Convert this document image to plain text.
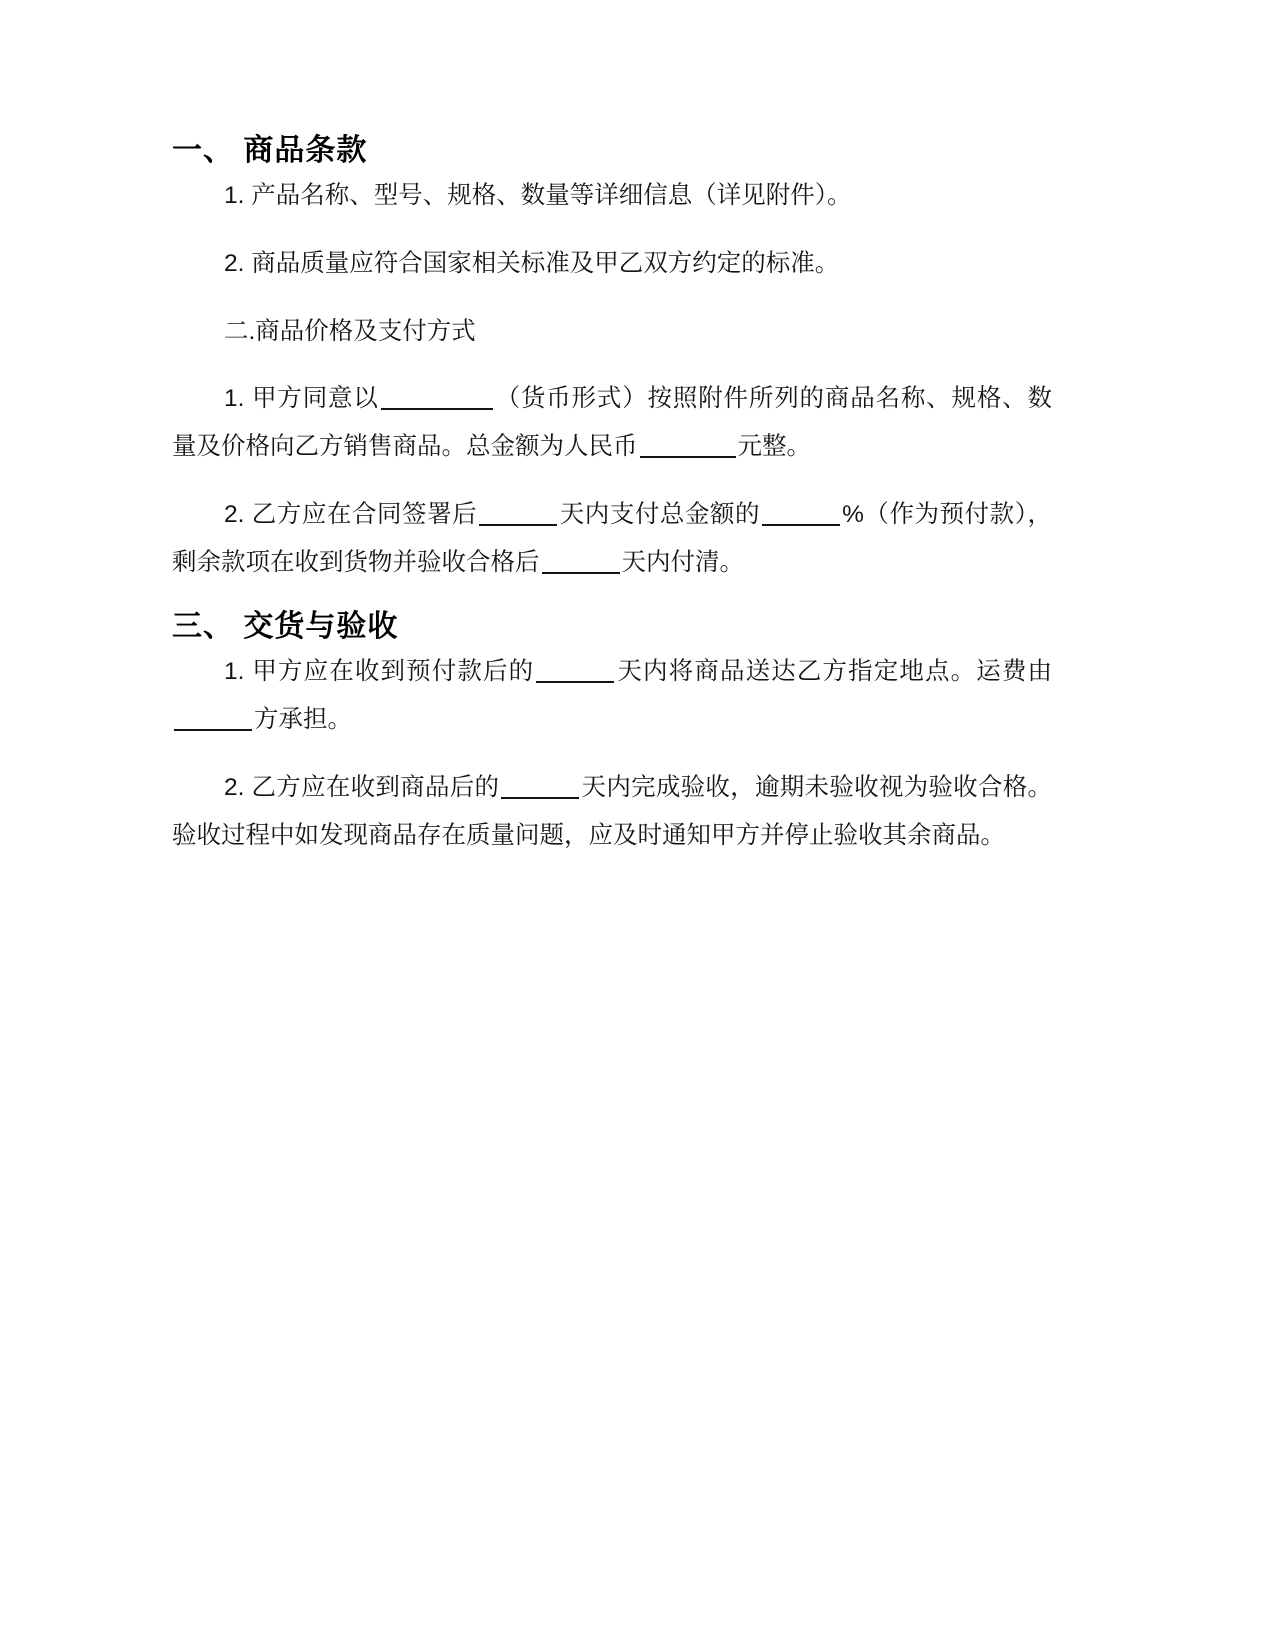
一、 商品条款

1. 产品名称、型号、规格、数量等详细信息（详见附件）。

2. 商品质量应符合国家相关标准及甲乙双方约定的标准。

二.商品价格及支付方式

1. 甲方同意以	（货币形式）按照附件所列的商品名称、规格、数量及价格向乙方销售商品。总金额为人民币	元整。

2. 乙方应在合同签署后	天内支付总金额的	%（作为预付款），剩余款项在收到货物并验收合格后	天内付清。

三、 交货与验收

1. 甲方应在收到预付款后的	天内将商品送达乙方指定地点。运费由方承担。

2. 乙方应在收到商品后的	天内完成验收，逾期未验收视为验收合格。验收过程中如发现商品存在质量问题，应及时通知甲方并停止验收其余商品。
